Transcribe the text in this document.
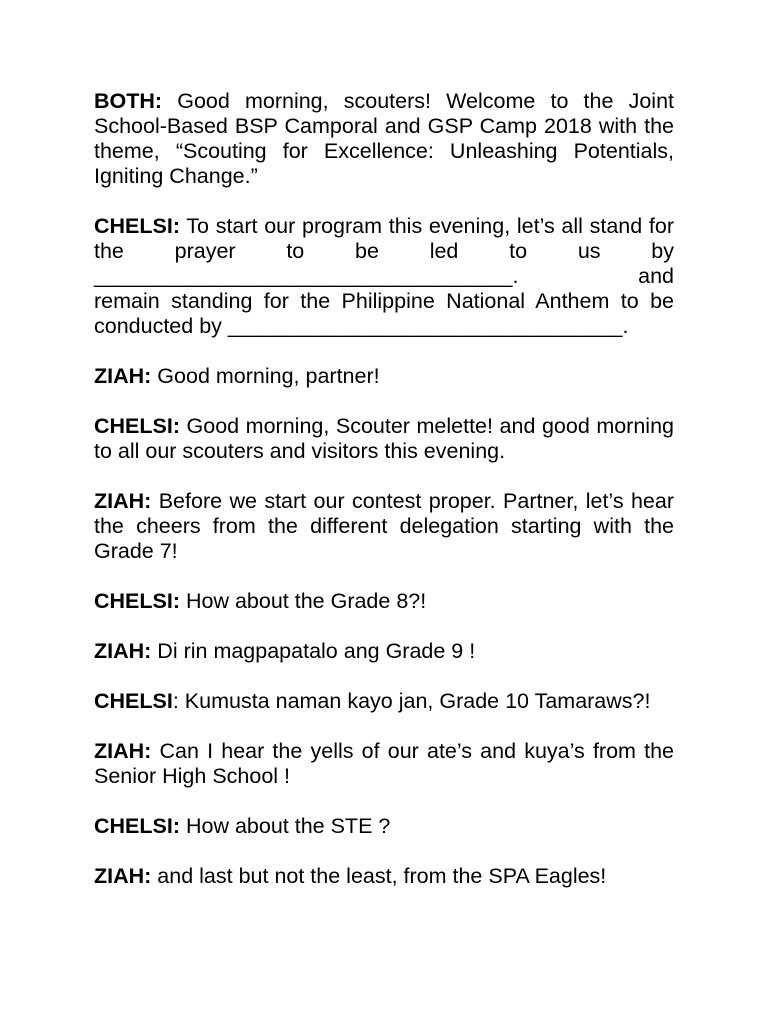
BOTH: Good morning, scouters! Welcome to the Joint School-Based BSP Camporal and GSP Camp 2018 with the theme, “Scouting for Excellence: Unleashing Potentials, Igniting Change.”

CHELSI: To start our program this evening, let’s all stand for the prayer to be led to us by
___________________________________. and
remain standing for the Philippine National Anthem to be conducted by _________________________________.

ZIAH: Good morning, partner!

CHELSI: Good morning, Scouter melette! and good morning to all our scouters and visitors this evening.

ZIAH: Before we start our contest proper. Partner, let’s hear the cheers from the different delegation starting with the Grade 7!

CHELSI: How about the Grade 8?!

ZIAH: Di rin magpapatalo ang Grade 9 !

CHELSI: Kumusta naman kayo jan, Grade 10 Tamaraws?!

ZIAH: Can I hear the yells of our ate’s and kuya’s from the Senior High School !

CHELSI: How about the STE ?

ZIAH: and last but not the least, from the SPA Eagles!
